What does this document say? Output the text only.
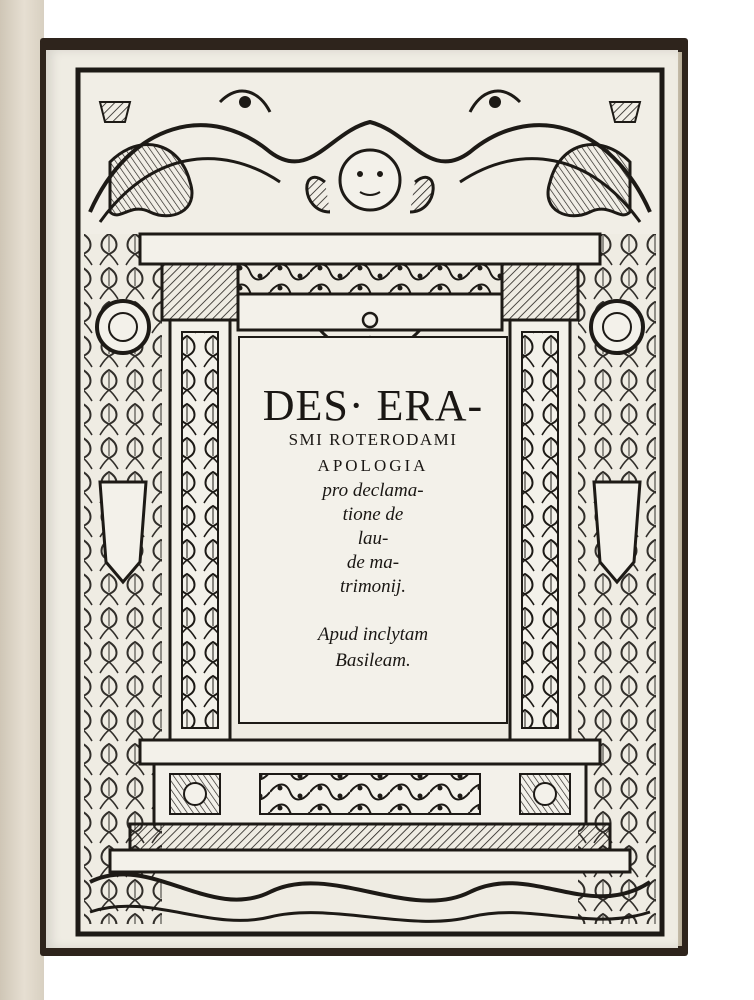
DES· ERA-
SMI ROTERODAMI
APOLOGIA
pro declama-
tione de
lau-
de ma-
trimonij.
Apud inclytam
Basileam.
